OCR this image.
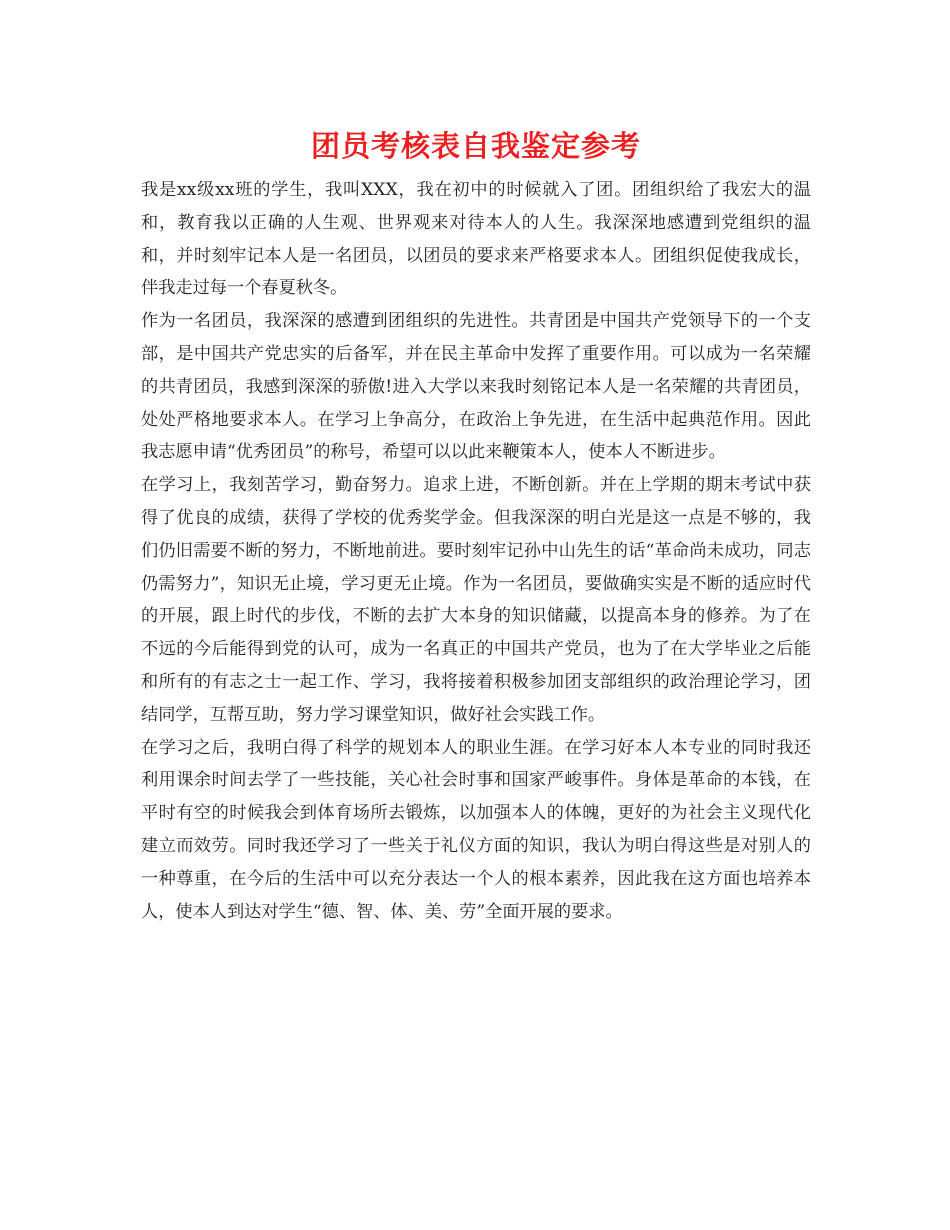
团员考核表自我鉴定参考

我是xx级xx班的学生，我叫XXX，我在初中的时候就入了团。团组织给了我宏大的温和，教育我以正确的人生观、世界观来对待本人的人生。我深深地感遭到党组织的温和，并时刻牢记本人是一名团员，以团员的要求来严格要求本人。团组织促使我成长，伴我走过每一个春夏秋冬。

作为一名团员，我深深的感遭到团组织的先进性。共青团是中国共产党领导下的一个支部，是中国共产党忠实的后备军，并在民主革命中发挥了重要作用。可以成为一名荣耀的共青团员，我感到深深的骄傲!进入大学以来我时刻铭记本人是一名荣耀的共青团员，处处严格地要求本人。在学习上争高分，在政治上争先进，在生活中起典范作用。因此我志愿申请“优秀团员”的称号，希望可以以此来鞭策本人，使本人不断进步。

在学习上，我刻苦学习，勤奋努力。追求上进，不断创新。并在上学期的期末考试中获得了优良的成绩，获得了学校的优秀奖学金。但我深深的明白光是这一点是不够的，我们仍旧需要不断的努力，不断地前进。要时刻牢记孙中山先生的话“革命尚未成功，同志仍需努力”，知识无止境，学习更无止境。作为一名团员，要做确实实是不断的适应时代的开展，跟上时代的步伐，不断的去扩大本身的知识储藏，以提高本身的修养。为了在不远的今后能得到党的认可，成为一名真正的中国共产党员，也为了在大学毕业之后能和所有的有志之士一起工作、学习，我将接着积极参加团支部组织的政治理论学习，团结同学，互帮互助，努力学习课堂知识，做好社会实践工作。

在学习之后，我明白得了科学的规划本人的职业生涯。在学习好本人本专业的同时我还利用课余时间去学了一些技能，关心社会时事和国家严峻事件。身体是革命的本钱，在平时有空的时候我会到体育场所去锻炼，以加强本人的体魄，更好的为社会主义现代化建立而效劳。同时我还学习了一些关于礼仪方面的知识，我认为明白得这些是对别人的一种尊重，在今后的生活中可以充分表达一个人的根本素养，因此我在这方面也培养本人，使本人到达对学生“德、智、体、美、劳”全面开展的要求。
